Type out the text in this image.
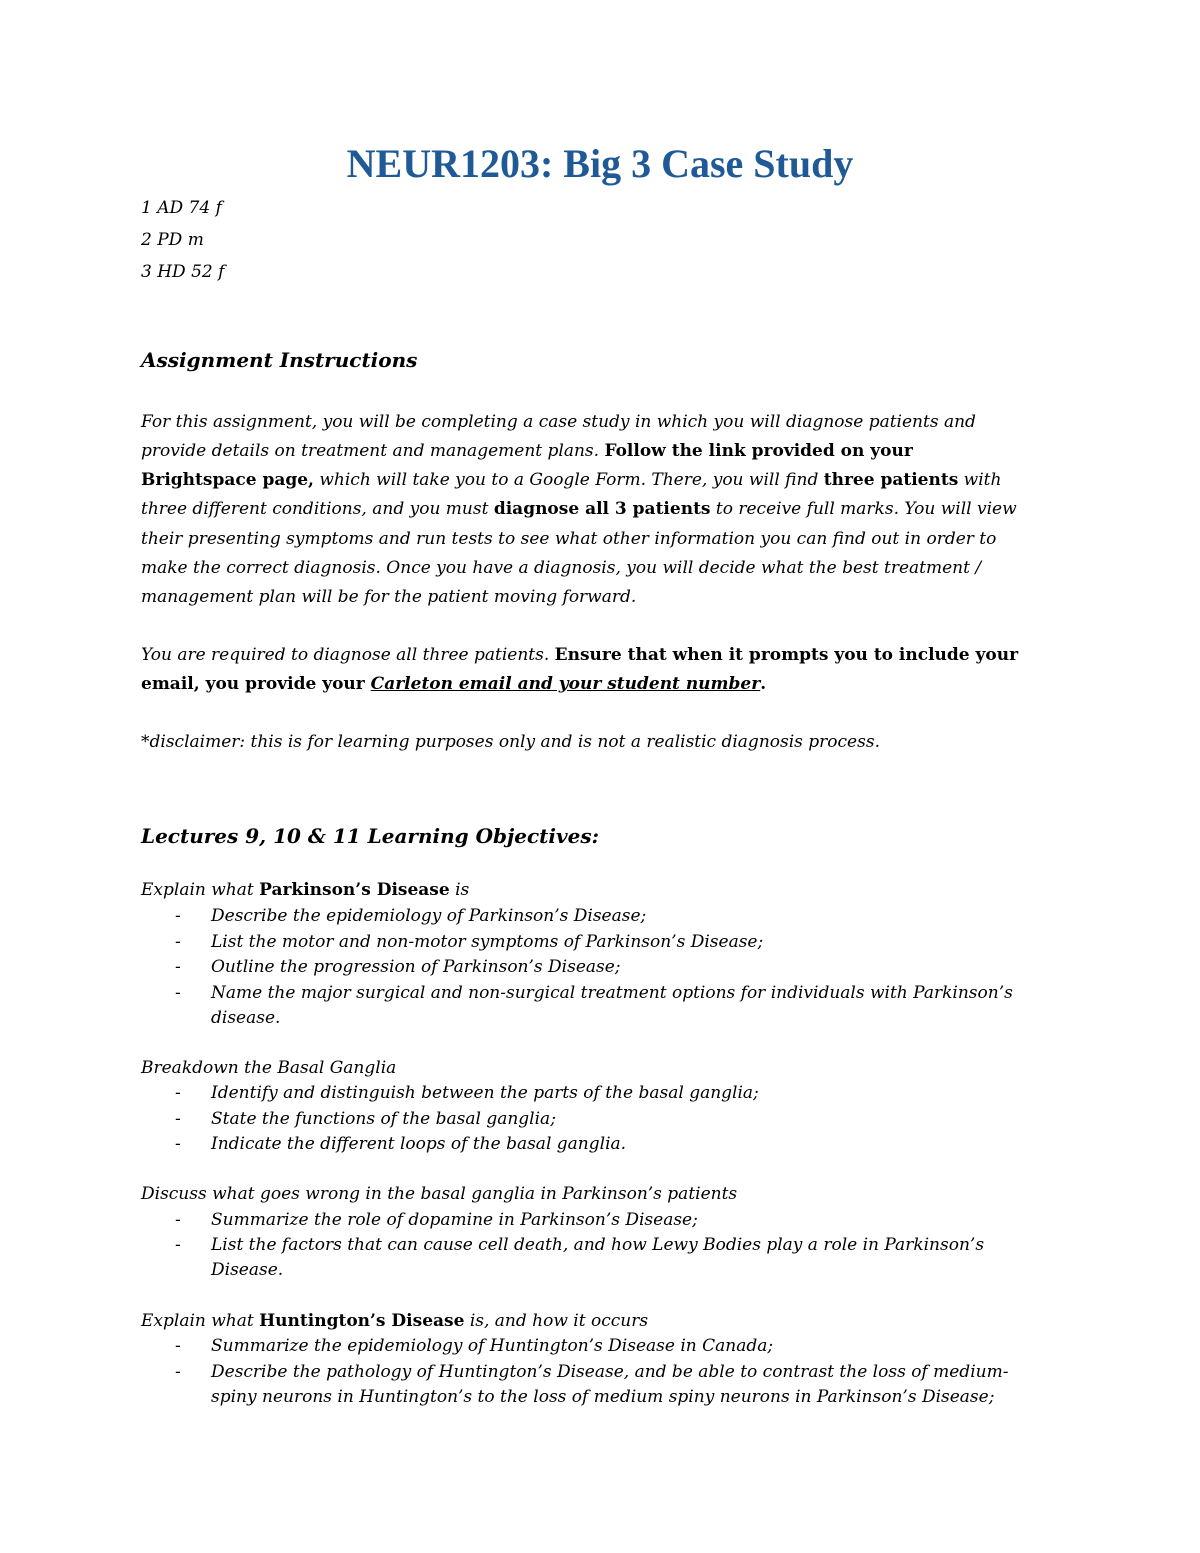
NEUR1203: Big 3 Case Study
1 AD 74 f
2 PD m
3 HD 52 f
Assignment Instructions
For this assignment, you will be completing a case study in which you will diagnose patients and
provide details on treatment and management plans. Follow the link provided on your
Brightspace page, which will take you to a Google Form. There, you will find three patients with
three different conditions, and you must diagnose all 3 patients to receive full marks. You will view
their presenting symptoms and run tests to see what other information you can find out in order to
make the correct diagnosis. Once you have a diagnosis, you will decide what the best treatment /
management plan will be for the patient moving forward.
You are required to diagnose all three patients. Ensure that when it prompts you to include your
email, you provide your Carleton email and your student number.
*disclaimer: this is for learning purposes only and is not a realistic diagnosis process.
Lectures 9, 10 & 11 Learning Objectives:
Explain what Parkinson’s Disease is
- Describe the epidemiology of Parkinson’s Disease;
- List the motor and non-motor symptoms of Parkinson’s Disease;
- Outline the progression of Parkinson’s Disease;
- Name the major surgical and non-surgical treatment options for individuals with Parkinson’s
disease.
Breakdown the Basal Ganglia
- Identify and distinguish between the parts of the basal ganglia;
- State the functions of the basal ganglia;
- Indicate the different loops of the basal ganglia.
Discuss what goes wrong in the basal ganglia in Parkinson’s patients
- Summarize the role of dopamine in Parkinson’s Disease;
- List the factors that can cause cell death, and how Lewy Bodies play a role in Parkinson’s
Disease.
Explain what Huntington’s Disease is, and how it occurs
- Summarize the epidemiology of Huntington’s Disease in Canada;
- Describe the pathology of Huntington’s Disease, and be able to contrast the loss of medium-
spiny neurons in Huntington’s to the loss of medium spiny neurons in Parkinson’s Disease;
